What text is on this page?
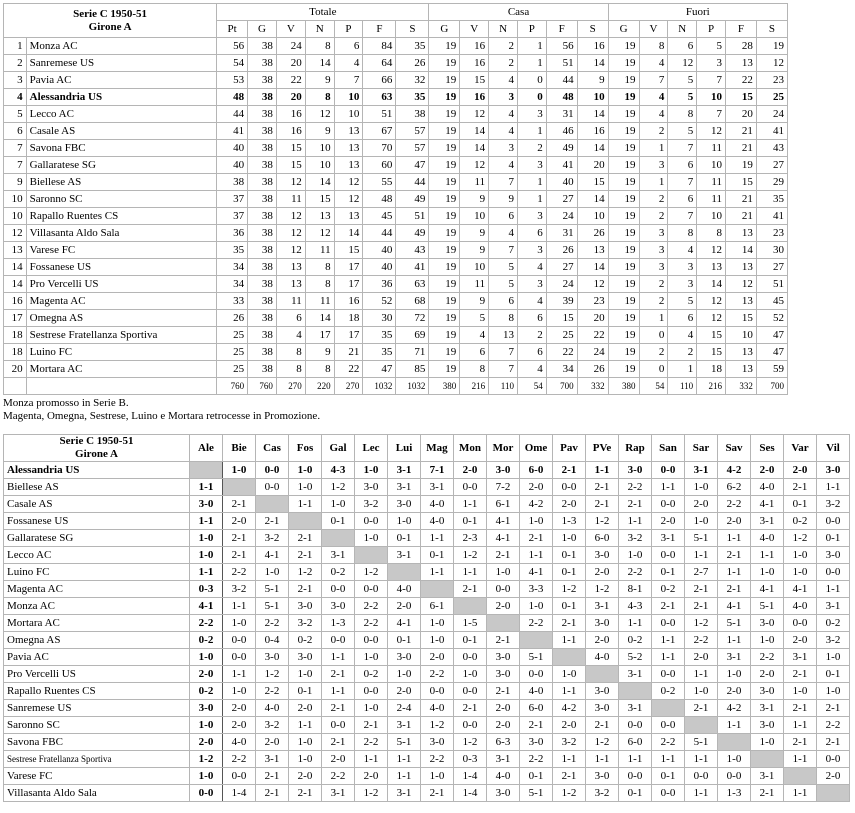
Serie C 1950-51
Girone A		Totale							Casa						Fuori					
		Pt	G	V	N	P	F	S	G	V	N	P	F	S	G	V	N	P	F	S
1	Monza AC	56	38	24	8	6	84	35	19	16	2	1	56	16	19	8	6	5	28	19
2	Sanremese US	54	38	20	14	4	64	26	19	16	2	1	51	14	19	4	12	3	13	12
3	Pavia AC	53	38	22	9	7	66	32	19	15	4	0	44	9	19	7	5	7	22	23
4	Alessandria US	48	38	20	8	10	63	35	19	16	3	0	48	10	19	4	5	10	15	25
5	Lecco AC	44	38	16	12	10	51	38	19	12	4	3	31	14	19	4	8	7	20	24
6	Casale AS	41	38	16	9	13	67	57	19	14	4	1	46	16	19	2	5	12	21	41
7	Savona FBC	40	38	15	10	13	70	57	19	14	3	2	49	14	19	1	7	11	21	43
7	Gallaratese SG	40	38	15	10	13	60	47	19	12	4	3	41	20	19	3	6	10	19	27
9	Biellese AS	38	38	12	14	12	55	44	19	11	7	1	40	15	19	1	7	11	15	29
10	Saronno SC	37	38	11	15	12	48	49	19	9	9	1	27	14	19	2	6	11	21	35
10	Rapallo Ruentes CS	37	38	12	13	13	45	51	19	10	6	3	24	10	19	2	7	10	21	41
12	Villasanta Aldo Sala	36	38	12	12	14	44	49	19	9	4	6	31	26	19	3	8	8	13	23
13	Varese FC	35	38	12	11	15	40	43	19	9	7	3	26	13	19	3	4	12	14	30
14	Fossanese US	34	38	13	8	17	40	41	19	10	5	4	27	14	19	3	3	13	13	27
14	Pro Vercelli US	34	38	13	8	17	36	63	19	11	5	3	24	12	19	2	3	14	12	51
16	Magenta AC	33	38	11	11	16	52	68	19	9	6	4	39	23	19	2	5	12	13	45
17	Omegna AS	26	38	6	14	18	30	72	19	5	8	6	15	20	19	1	6	12	15	52
18	Sestrese Fratellanza Sportiva	25	38	4	17	17	35	69	19	4	13	2	25	22	19	0	4	15	10	47
18	Luino FC	25	38	8	9	21	35	71	19	6	7	6	22	24	19	2	2	15	13	47
20	Mortara AC	25	38	8	8	22	47	85	19	8	7	4	34	26	19	0	1	18	13	59
		760	760	270	220	270	1032	1032	380	216	110	54	700	332	380	54	110	216	332	700
Monza promosso in Serie B.
Magenta, Omegna, Sestrese, Luino e Mortara retrocesse in Promozione.
Serie C 1950-51
Girone A	Ale	Bie	Cas	Fos	Gal	Lec	Lui	Mag	Mon	Mor	Ome	Pav	PVe	Rap	San	Sar	Sav	Ses	Var	Vil
Alessandria US		1-0	0-0	1-0	4-3	1-0	3-1	7-1	2-0	3-0	6-0	2-1	1-1	3-0	0-0	3-1	4-2	2-0	2-0	3-0
Biellese AS	1-1		0-0	1-0	1-2	3-0	3-1	3-1	0-0	7-2	2-0	0-0	2-1	2-2	1-1	1-0	6-2	4-0	2-1	1-1
Casale AS	3-0	2-1		1-1	1-0	3-2	3-0	4-0	1-1	6-1	4-2	2-0	2-1	2-1	0-0	2-0	2-2	4-1	0-1	3-2
Fossanese US	1-1	2-0	2-1		0-1	0-0	1-0	4-0	0-1	4-1	1-0	1-3	1-2	1-1	2-0	1-0	2-0	3-1	0-2	0-0
Gallaratese SG	1-0	2-1	3-2	2-1		1-0	0-1	1-1	2-3	4-1	2-1	1-0	6-0	3-2	3-1	5-1	1-1	4-0	1-2	0-1
Lecco AC	1-0	2-1	4-1	2-1	3-1		3-1	0-1	1-2	2-1	1-1	0-1	3-0	1-0	0-0	1-1	2-1	1-1	1-0	3-0
Luino FC	1-1	2-2	1-0	1-2	0-2	1-2		1-1	1-1	1-0	4-1	0-1	2-0	2-2	0-1	2-7	1-1	1-0	1-0	0-0
Magenta AC	0-3	3-2	5-1	2-1	0-0	0-0	4-0		2-1	0-0	3-3	1-2	1-2	8-1	0-2	2-1	2-1	4-1	4-1	1-1
Monza AC	4-1	1-1	5-1	3-0	3-0	2-2	2-0	6-1		2-0	1-0	0-1	3-1	4-3	2-1	2-1	4-1	5-1	4-0	3-1
Mortara AC	2-2	1-0	2-2	3-2	1-3	2-2	4-1	1-0	1-5		2-2	2-1	3-0	1-1	0-0	1-2	5-1	3-0	0-0	0-2
Omegna AS	0-2	0-0	0-4	0-2	0-0	0-0	0-1	1-0	0-1	2-1		1-1	2-0	0-2	1-1	2-2	1-1	1-0	2-0	3-2
Pavia AC	1-0	0-0	3-0	3-0	1-1	1-0	3-0	2-0	0-0	3-0	5-1		4-0	5-2	1-1	2-0	3-1	2-2	3-1	1-0
Pro Vercelli US	2-0	1-1	1-2	1-0	2-1	0-2	1-0	2-2	1-0	3-0	0-0	1-0		3-1	0-0	1-1	1-0	2-0	2-1	0-1
Rapallo Ruentes CS	0-2	1-0	2-2	0-1	1-1	0-0	2-0	0-0	0-0	2-1	4-0	1-1	3-0		0-2	1-0	2-0	3-0	1-0	1-0
Sanremese US	3-0	2-0	4-0	2-0	2-1	1-0	2-4	4-0	2-1	2-0	6-0	4-2	3-0	3-1		2-1	4-2	3-1	2-1	2-1
Saronno SC	1-0	2-0	3-2	1-1	0-0	2-1	3-1	1-2	0-0	2-0	2-1	2-0	2-1	0-0	0-0		1-1	3-0	1-1	2-2
Savona FBC	2-0	4-0	2-0	1-0	2-1	2-2	5-1	3-0	1-2	6-3	3-0	3-2	1-2	6-0	2-2	5-1		1-0	2-1	2-1
Sestrese Fratellanza Sportiva	1-2	2-2	3-1	1-0	2-0	1-1	1-1	2-2	0-3	3-1	2-2	1-1	1-1	1-1	1-1	1-1	1-0		1-1	0-0
Varese FC	1-0	0-0	2-1	2-0	2-2	2-0	1-1	1-0	1-4	4-0	0-1	2-1	3-0	0-0	0-1	0-0	0-0	3-1		2-0
Villasanta Aldo Sala	0-0	1-4	2-1	2-1	3-1	1-2	3-1	2-1	1-4	3-0	5-1	1-2	3-2	0-1	0-0	1-1	1-3	2-1	1-1	
